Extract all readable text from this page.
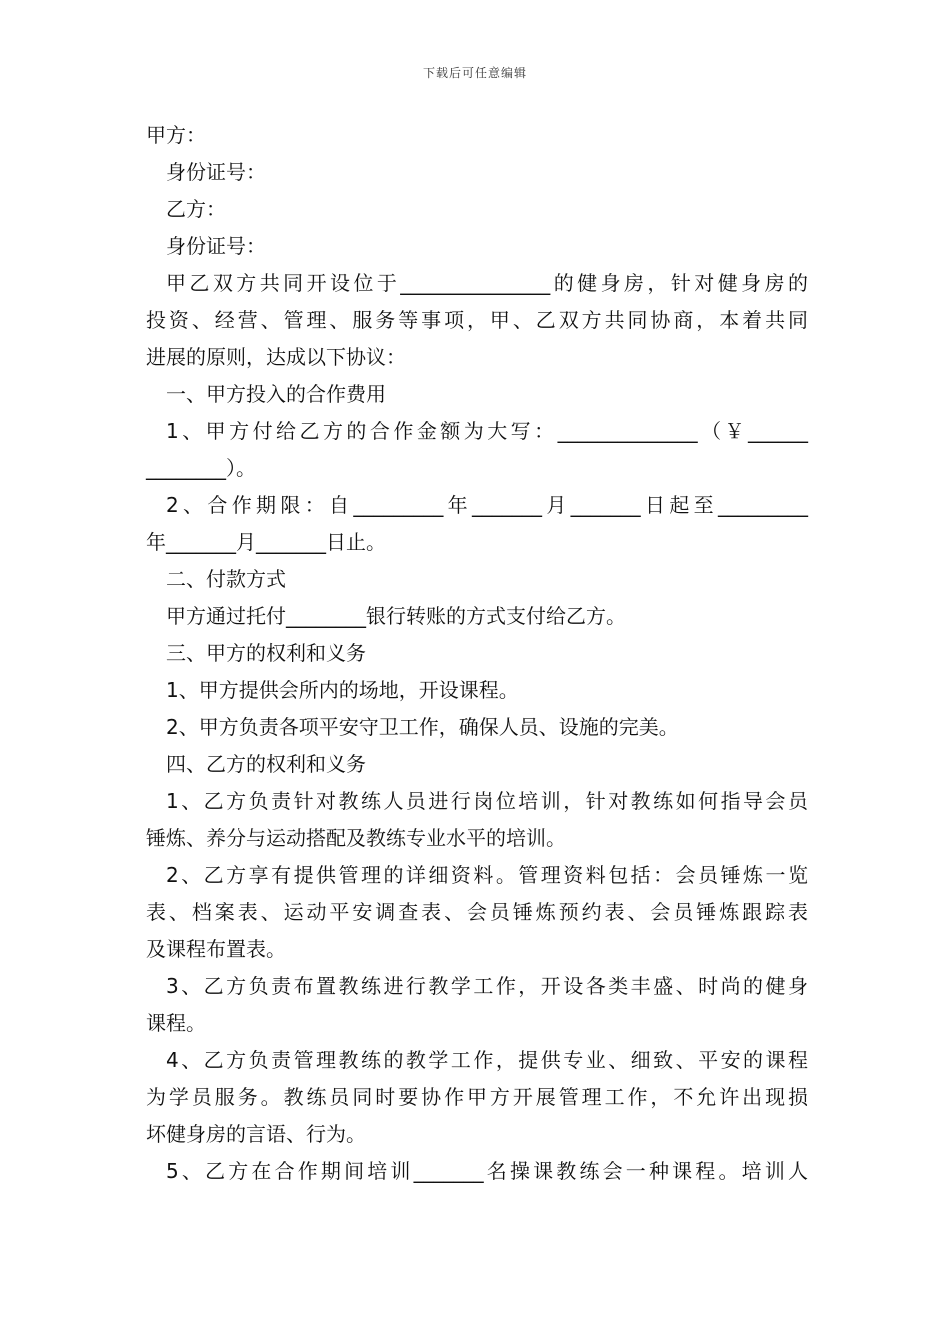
下载后可任意编辑
甲方：
身份证号：
乙方：
身份证号：
甲乙双方共同开设位于_______________的健身房，针对健身房的
投资、经营、管理、服务等事项，甲、乙双方共同协商，本着共同
进展的原则，达成以下协议：
一、甲方投入的合作费用
1、甲方付给乙方的合作金额为大写：______________（￥______
________）。
2、合作期限：自_________年_______月_______日起至_________
年_______月_______日止。
二、付款方式
甲方通过托付________银行转账的方式支付给乙方。
三、甲方的权利和义务
1、甲方提供会所内的场地，开设课程。
2、甲方负责各项平安守卫工作，确保人员、设施的完美。
四、乙方的权利和义务
1、乙方负责针对教练人员进行岗位培训，针对教练如何指导会员
锤炼、养分与运动搭配及教练专业水平的培训。
2、乙方享有提供管理的详细资料。管理资料包括：会员锤炼一览
表、档案表、运动平安调查表、会员锤炼预约表、会员锤炼跟踪表
及课程布置表。
3、乙方负责布置教练进行教学工作，开设各类丰盛、时尚的健身
课程。
4、乙方负责管理教练的教学工作，提供专业、细致、平安的课程
为学员服务。教练员同时要协作甲方开展管理工作，不允许出现损
坏健身房的言语、行为。
5、乙方在合作期间培训_______名操课教练会一种课程。培训人
